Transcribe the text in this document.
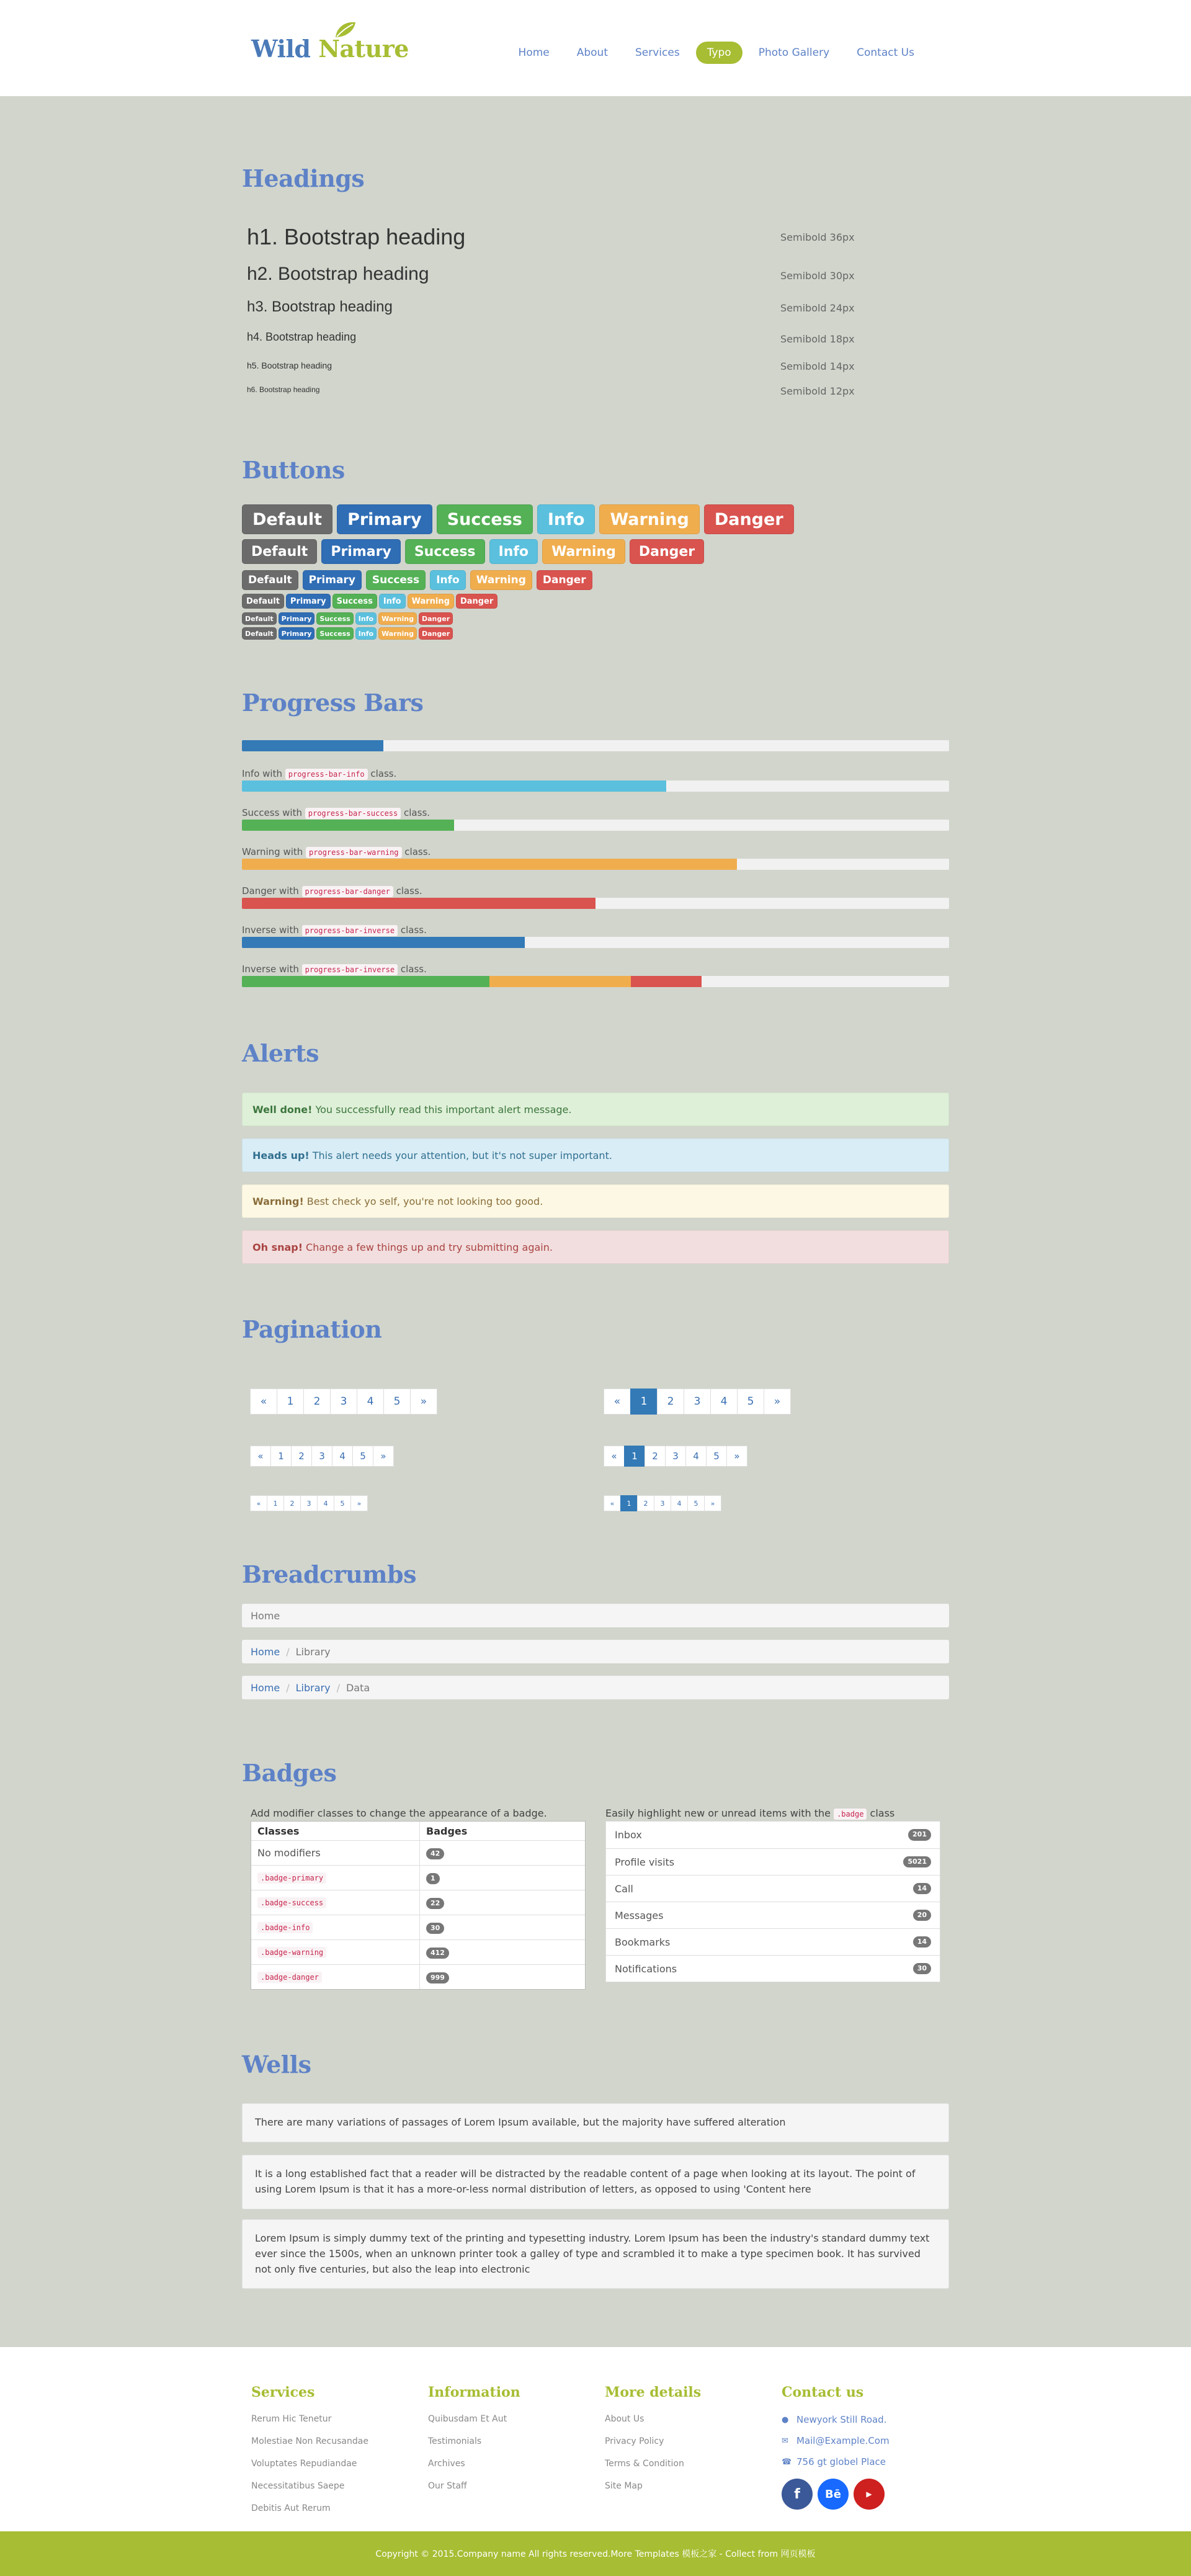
Wild Nature	Home	About	Services	Typo	Photo Gallery	Contact Us
Headings
h1. Bootstrap heading	Semibold 36px
h2. Bootstrap heading	Semibold 30px
h3. Bootstrap heading	Semibold 24px
h4. Bootstrap heading	Semibold 18px
h5. Bootstrap heading	Semibold 14px
h6. Bootstrap heading	Semibold 12px
Buttons
Default	Primary	Success	Info	Warning	Danger
Default	Primary	Success	Info	Warning	Danger
Default	Primary	Success	Info	Warning	Danger
Default	Primary	Success	Info	Warning	Danger
Default	Primary	Success	Info	Warning	Danger
Default	Primary	Success	Info	Warning	Danger
Progress Bars
Info with progress-bar-info class.
Success with progress-bar-success class.
Warning with progress-bar-warning class.
Danger with progress-bar-danger class.
Inverse with progress-bar-inverse class.
Inverse with progress-bar-inverse class.
Alerts
Well done! You successfully read this important alert message.
Heads up! This alert needs your attention, but it's not super important.
Warning! Best check yo self, you're not looking too good.
Oh snap! Change a few things up and try submitting again.
Pagination
«	1	2	3	4	5	»
«	1	2	3	4	5	»
«	1	2	3	4	5	»
«	1	2	3	4	5	»
«	1	2	3	4	5	»
«	1	2	3	4	5	»
Breadcrumbs
Home
Home / Library
Home / Library / Data
Badges
Add modifier classes to change the appearance of a badge.
Classes	Badges
No modifiers	42
.badge-primary	1
.badge-success	22
.badge-info	30
.badge-warning	412
.badge-danger	999
Easily highlight new or unread items with the .badge class
Inbox	201
Profile visits	5021
Call	14
Messages	20
Bookmarks	14
Notifications	30
Wells
There are many variations of passages of Lorem Ipsum available, but the majority have suffered alteration
It is a long established fact that a reader will be distracted by the readable content of a page when looking at its layout. The point of using Lorem Ipsum is that it has a more-or-less normal distribution of letters, as opposed to using 'Content here
Lorem Ipsum is simply dummy text of the printing and typesetting industry. Lorem Ipsum has been the industry's standard dummy text ever since the 1500s, when an unknown printer took a galley of type and scrambled it to make a type specimen book. It has survived not only five centuries, but also the leap into electronic
Services
Rerum Hic Tenetur
Molestiae Non Recusandae
Voluptates Repudiandae
Necessitatibus Saepe
Debitis Aut Rerum
Information
Quibusdam Et Aut
Testimonials
Archives
Our Staff
More details
About Us
Privacy Policy
Terms & Condition
Site Map
Contact us
● Newyork Still Road.
✉ Mail@Example.Com
☎ 756 gt globel Place
f	Bē	▶
Copyright © 2015.Company name All rights reserved.More Templates 模板之家 - Collect from 网页模板
